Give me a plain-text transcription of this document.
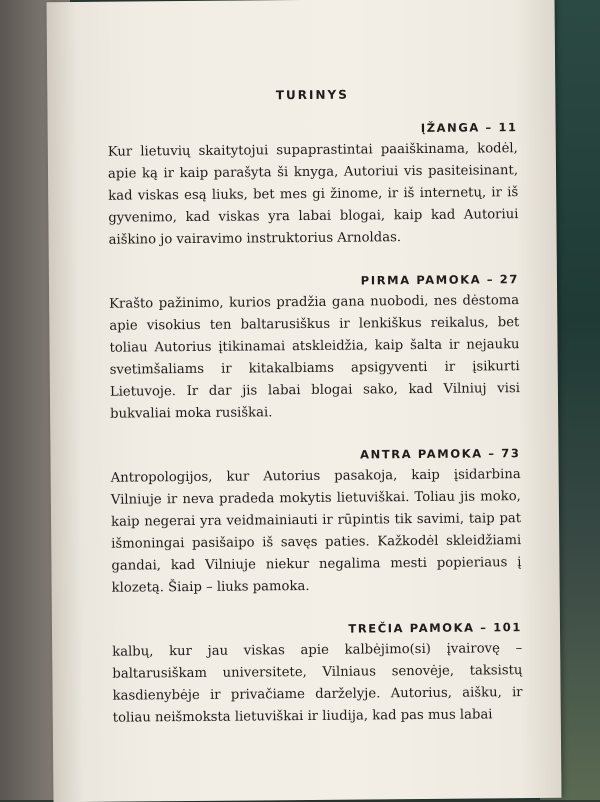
TURINYS
ĮŽANGA – 11

Kur lietuvių skaitytojui supaprastintai paaiškinama, kodėl, apie ką ir kaip parašyta ši knyga, Autoriui vis pasiteisinant, kad viskas esą liuks, bet mes gi žinome, ir iš internetų, ir iš gyvenimo, kad viskas yra labai blogai, kaip kad Autoriui aiškino jo vairavimo instruktorius Arnoldas.

PIRMA PAMOKA – 27

Krašto pažinimo, kurios pradžia gana nuobodi, nes dėstoma apie visokius ten baltarusiškus ir lenkiškus reikalus, bet toliau Autorius įtikinamai atskleidžia, kaip šalta ir nejauku svetimšaliams ir kitakalbiams apsigyventi ir įsikurti Lietuvoje. Ir dar jis labai blogai sako, kad Vilniuj visi bukvaliai moka rusiškai.

ANTRA PAMOKA – 73

Antropologijos, kur Autorius pasakoja, kaip įsidarbina Vilniuje ir neva pradeda mokytis lietuviškai. Toliau jis moko, kaip negerai yra veidmainiauti ir rūpintis tik savimi, taip pat išmoningai pasišaipo iš savęs paties. Kažkodėl skleidžiami gandai, kad Vilniuje niekur negalima mesti popieriaus į klozetą. Šiaip – liuks pamoka.

TREČIA PAMOKA – 101

kalbų, kur jau viskas apie kalbėjimo(si) įvairovę – baltarusiškam universitete, Vilniaus senovėje, taksistų kasdienybėje ir privačiame darželyje. Autorius, aišku, ir toliau neišmoksta lietuviškai ir liudija, kad pas mus labai
